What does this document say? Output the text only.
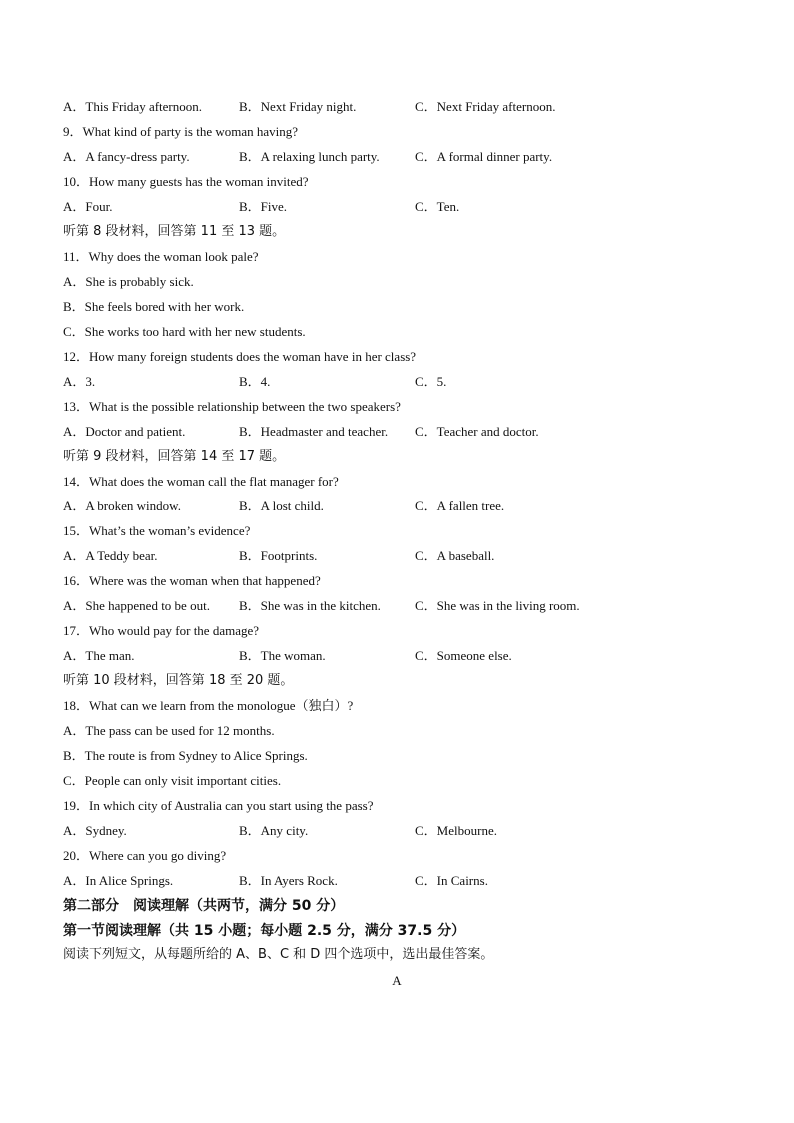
A．This Friday afternoon.	B．Next Friday night.	C．Next Friday afternoon.
9．What kind of party is the woman having?
A．A fancy-dress party.	B．A relaxing lunch party.	C．A formal dinner party.
10．How many guests has the woman invited?
A．Four.	B．Five.	C．Ten.
听第 8 段材料，回答第 11 至 13 题。
11．Why does the woman look pale?
A．She is probably sick.
B．She feels bored with her work.
C．She works too hard with her new students.
12．How many foreign students does the woman have in her class?
A．3.	B．4.	C．5.
13．What is the possible relationship between the two speakers?
A．Doctor and patient.	B．Headmaster and teacher. C．Teacher and doctor.
听第 9 段材料，回答第 14 至 17 题。
14．What does the woman call the flat manager for?
A．A broken window.	B．A lost child.	C．A fallen tree.
15．What’s the woman’s evidence?
A．A Teddy bear.	B．Footprints.	C．A baseball.
16．Where was the woman when that happened?
A．She happened to be out. B．She was in the kitchen.	C．She was in the living room.
17．Who would pay for the damage?
A．The man.	B．The woman.	C．Someone else.
听第 10 段材料，回答第 18 至 20 题。
18．What can we learn from the monologue（独白）?
A．The pass can be used for 12 months.
B．The route is from Sydney to Alice Springs.
C．People can only visit important cities.
19．In which city of Australia can you start using the pass?
A．Sydney.	B．Any city.	C．Melbourne.
20．Where can you go diving?
A．In Alice Springs.	B．In Ayers Rock.	C．In Cairns.
第二部分　阅读理解（共两节，满分 50 分）
第一节阅读理解（共 15 小题；每小题 2.5 分，满分 37.5 分）
阅读下列短文，从每题所给的 A、B、C 和 D 四个选项中，选出最佳答案。
A
